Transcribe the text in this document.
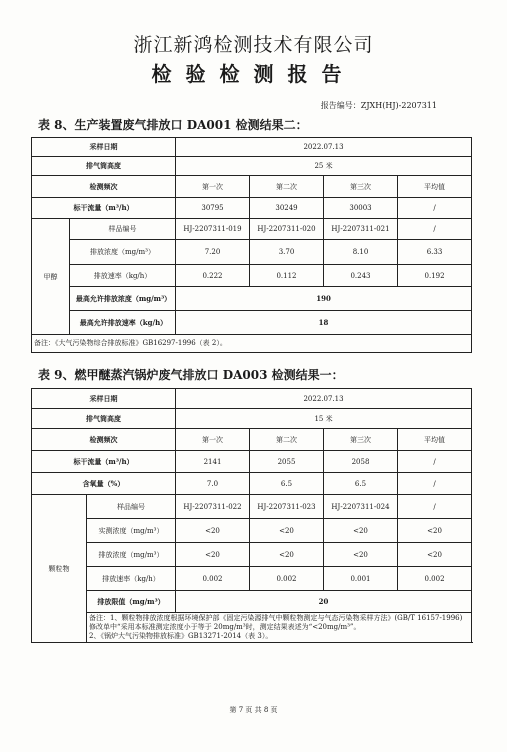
浙江新鸿检测技术有限公司
检验检测报告
报告编号：ZJXH(HJ)-2207311
表 8、生产装置废气排放口 DA001 检测结果二：
采样日期		2022.07.13			
排气筒高度		25 米			
检测频次		第一次	第二次	第三次	平均值
标干流量（m³/h）		30795	30249	30003	/
甲醇	样品编号	HJ-2207311-019	HJ-2207311-020	HJ-2207311-021	/
	排放浓度（mg/m³）	7.20	3.70	8.10	6.33
	排放速率（kg/h）	0.222	0.112	0.243	0.192
	最高允许排放浓度（mg/m³）	190			
	最高允许排放速率（kg/h）	18			
备注：《大气污染物综合排放标准》GB16297-1996（表 2）。					
表 9、燃甲醚蒸汽锅炉废气排放口 DA003 检测结果一：
采样日期		2022.07.13			
排气筒高度		15 米			
检测频次		第一次	第二次	第三次	平均值
标干流量（m³/h）		2141	2055	2058	/
含氧量（%）		7.0	6.5	6.5	/
颗粒物	样品编号	HJ-2207311-022	HJ-2207311-023	HJ-2207311-024	/
	实测浓度（mg/m³）	<20	<20	<20	<20
	排放浓度（mg/m³）	<20	<20	<20	<20
	排放速率（kg/h）	0.002	0.002	0.001	0.002
	排放限值（mg/m³）	20			

	备注：1、颗粒物排放浓度根据环境保护部《固定污染源排气中颗粒物测定与气态污染物采样方法》(GB/T 16157-1996)
修改单中“采用本标准测定浓度小于等于 20mg/m³时，测定结果表述为“<20mg/m³”。
2、《锅炉大气污染物排放标准》GB13271-2014（表 3）。				
第 7 页 共 8 页
